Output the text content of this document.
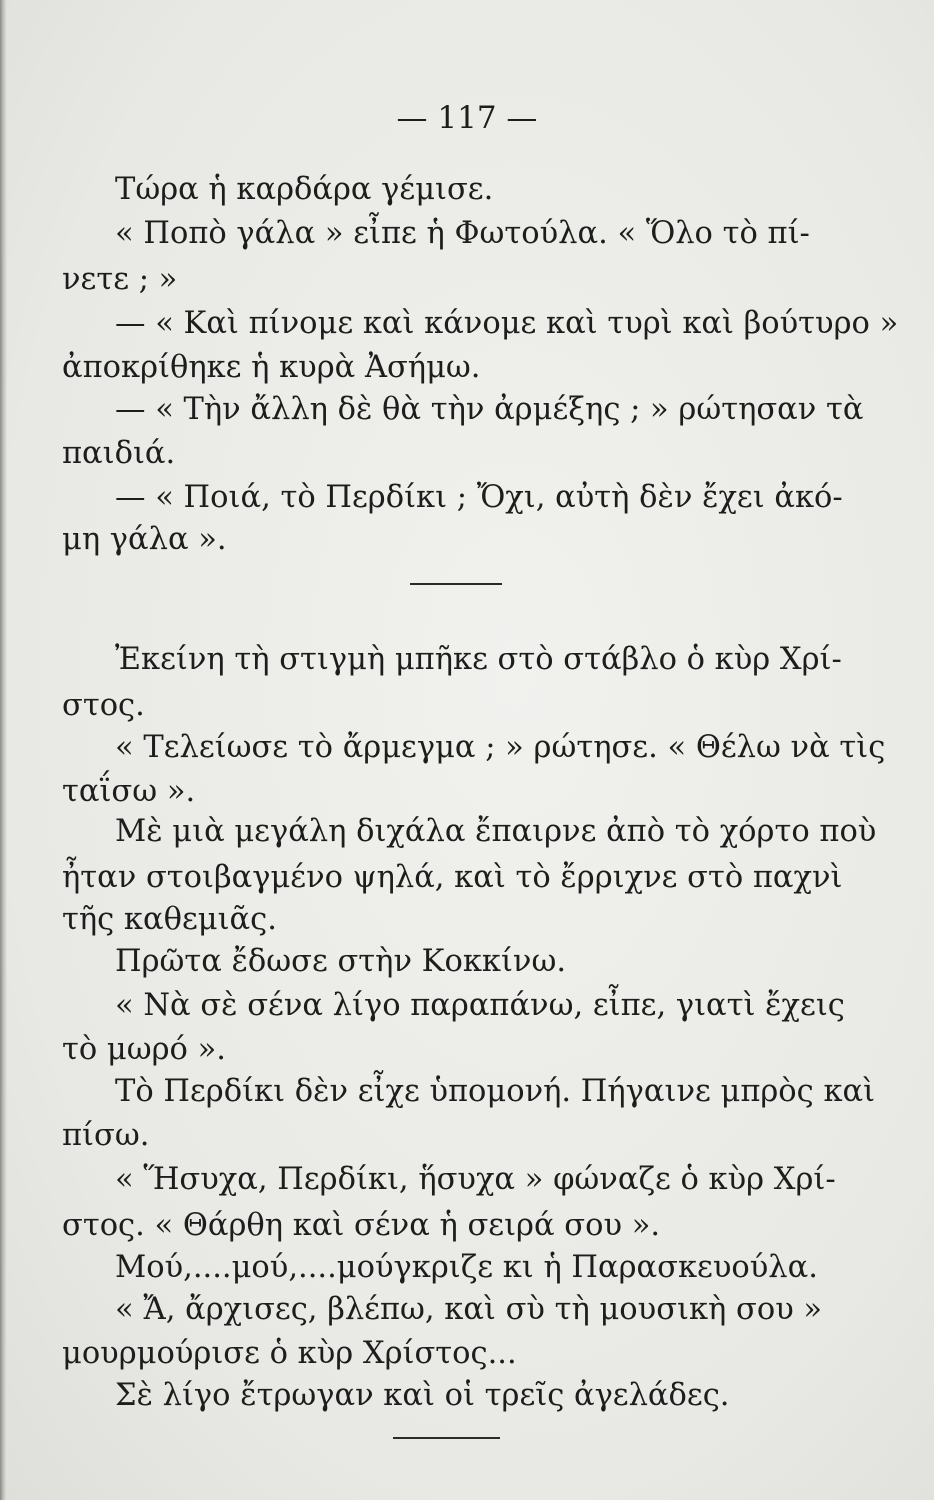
— 117 —
Τώρα ἡ καρδάρα γέμισε.
« Ποπὸ γάλα » εἶπε ἡ Φωτούλα. « Ὅλο τὸ πί-
νετε ; »
— « Καὶ πίνομε καὶ κάνομε καὶ τυρὶ καὶ βούτυρο »
ἀποκρίθηκε ἡ κυρὰ Ἀσήμω.
— « Τὴν ἄλλη δὲ θὰ τὴν ἀρμέξης ; » ρώτησαν τὰ
παιδιά.
— « Ποιά, τὸ Περδίκι ; Ὄχι, αὐτὴ δὲν ἔχει ἀκό-
μη γάλα ».
Ἐκείνη τὴ στιγμὴ μπῆκε στὸ στάβλο ὁ κὺρ Χρί-
στος.
« Τελείωσε τὸ ἄρμεγμα ; » ρώτησε. « Θέλω νὰ τὶς
ταΐσω ».
Μὲ μιὰ μεγάλη διχάλα ἔπαιρνε ἀπὸ τὸ χόρτο ποὺ
ἦταν στοιβαγμένο ψηλά, καὶ τὸ ἔρριχνε στὸ παχνὶ
τῆς καθεμιᾶς.
Πρῶτα ἔδωσε στὴν Κοκκίνω.
« Νὰ σὲ σένα λίγο παραπάνω, εἶπε, γιατὶ ἔχεις
τὸ μωρό ».
Τὸ Περδίκι δὲν εἶχε ὑπομονή. Πήγαινε μπρὸς καὶ
πίσω.
« Ἥσυχα, Περδίκι, ἥσυχα » φώναζε ὁ κὺρ Χρί-
στος. « Θάρθη καὶ σένα ἡ σειρά σου ».
Μού,....μού,....μούγκριζε κι ἡ Παρασκευούλα.
« Ἄ, ἄρχισες, βλέπω, καὶ σὺ τὴ μουσικὴ σου »
μουρμούρισε ὁ κὺρ Χρίστος...
Σὲ λίγο ἔτρωγαν καὶ οἱ τρεῖς ἀγελάδες.
